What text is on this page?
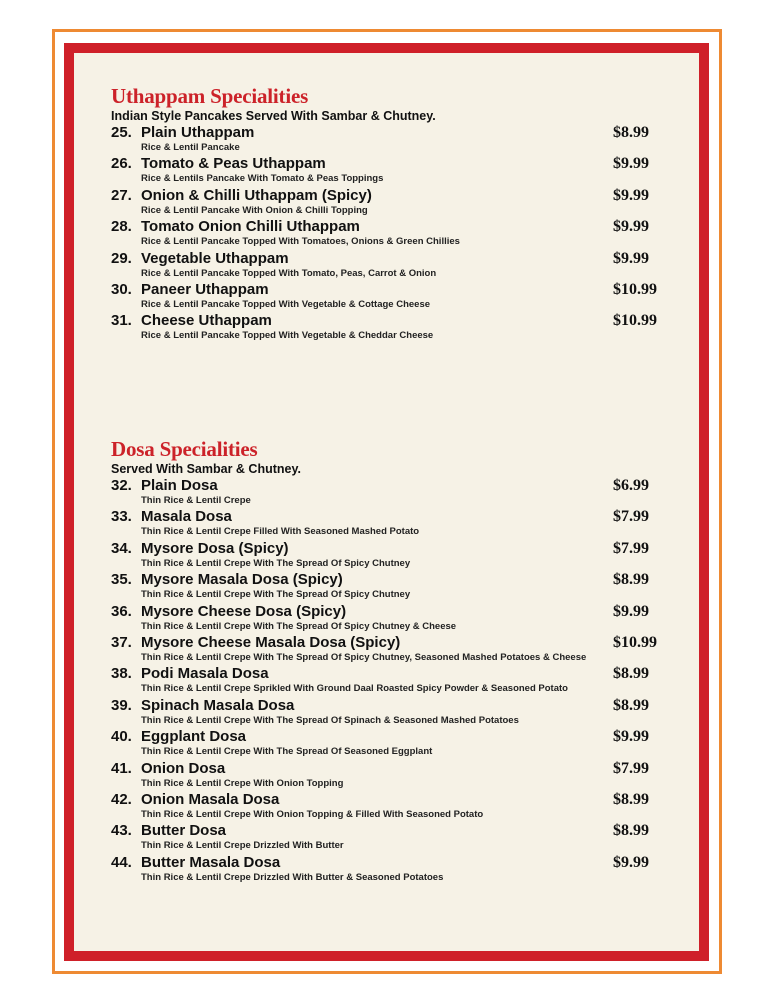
Uthappam Specialities
Indian Style Pancakes Served With Sambar & Chutney.
25. Plain Uthappam	$8.99
Rice & Lentil Pancake
26. Tomato & Peas Uthappam	$9.99
Rice & Lentils Pancake With Tomato & Peas Toppings
27. Onion & Chilli Uthappam (Spicy)	$9.99
Rice & Lentil Pancake With Onion & Chilli Topping
28. Tomato Onion Chilli Uthappam	$9.99
Rice & Lentil Pancake Topped With Tomatoes, Onions & Green Chillies
29. Vegetable Uthappam	$9.99
Rice & Lentil Pancake Topped With Tomato, Peas, Carrot & Onion
30. Paneer Uthappam	$10.99
Rice & Lentil Pancake Topped With Vegetable & Cottage Cheese
31. Cheese Uthappam	$10.99
Rice & Lentil Pancake Topped With Vegetable & Cheddar Cheese
Dosa Specialities
Served With Sambar & Chutney.
32. Plain Dosa	$6.99
Thin Rice & Lentil Crepe
33. Masala Dosa	$7.99
Thin Rice & Lentil Crepe Filled With Seasoned Mashed Potato
34. Mysore Dosa (Spicy)	$7.99
Thin Rice & Lentil Crepe With The Spread Of Spicy Chutney
35. Mysore Masala Dosa (Spicy)	$8.99
Thin Rice & Lentil Crepe With The Spread Of Spicy Chutney
36. Mysore Cheese Dosa (Spicy)	$9.99
Thin Rice & Lentil Crepe With The Spread Of Spicy Chutney & Cheese
37. Mysore Cheese Masala Dosa (Spicy)	$10.99
Thin Rice & Lentil Crepe With The Spread Of Spicy Chutney, Seasoned Mashed Potatoes & Cheese
38. Podi Masala Dosa	$8.99
Thin Rice & Lentil Crepe Sprikled With Ground Daal Roasted Spicy Powder & Seasoned Potato
39. Spinach Masala Dosa	$8.99
Thin Rice & Lentil Crepe With The Spread Of Spinach & Seasoned Mashed Potatoes
40. Eggplant Dosa	$9.99
Thin Rice & Lentil Crepe With The Spread Of Seasoned Eggplant
41. Onion Dosa	$7.99
Thin Rice & Lentil Crepe With Onion Topping
42. Onion Masala Dosa	$8.99
Thin Rice & Lentil Crepe With Onion Topping & Filled With Seasoned Potato
43. Butter Dosa	$8.99
Thin Rice & Lentil Crepe Drizzled With Butter
44. Butter Masala Dosa	$9.99
Thin Rice & Lentil Crepe Drizzled With Butter & Seasoned Potatoes
